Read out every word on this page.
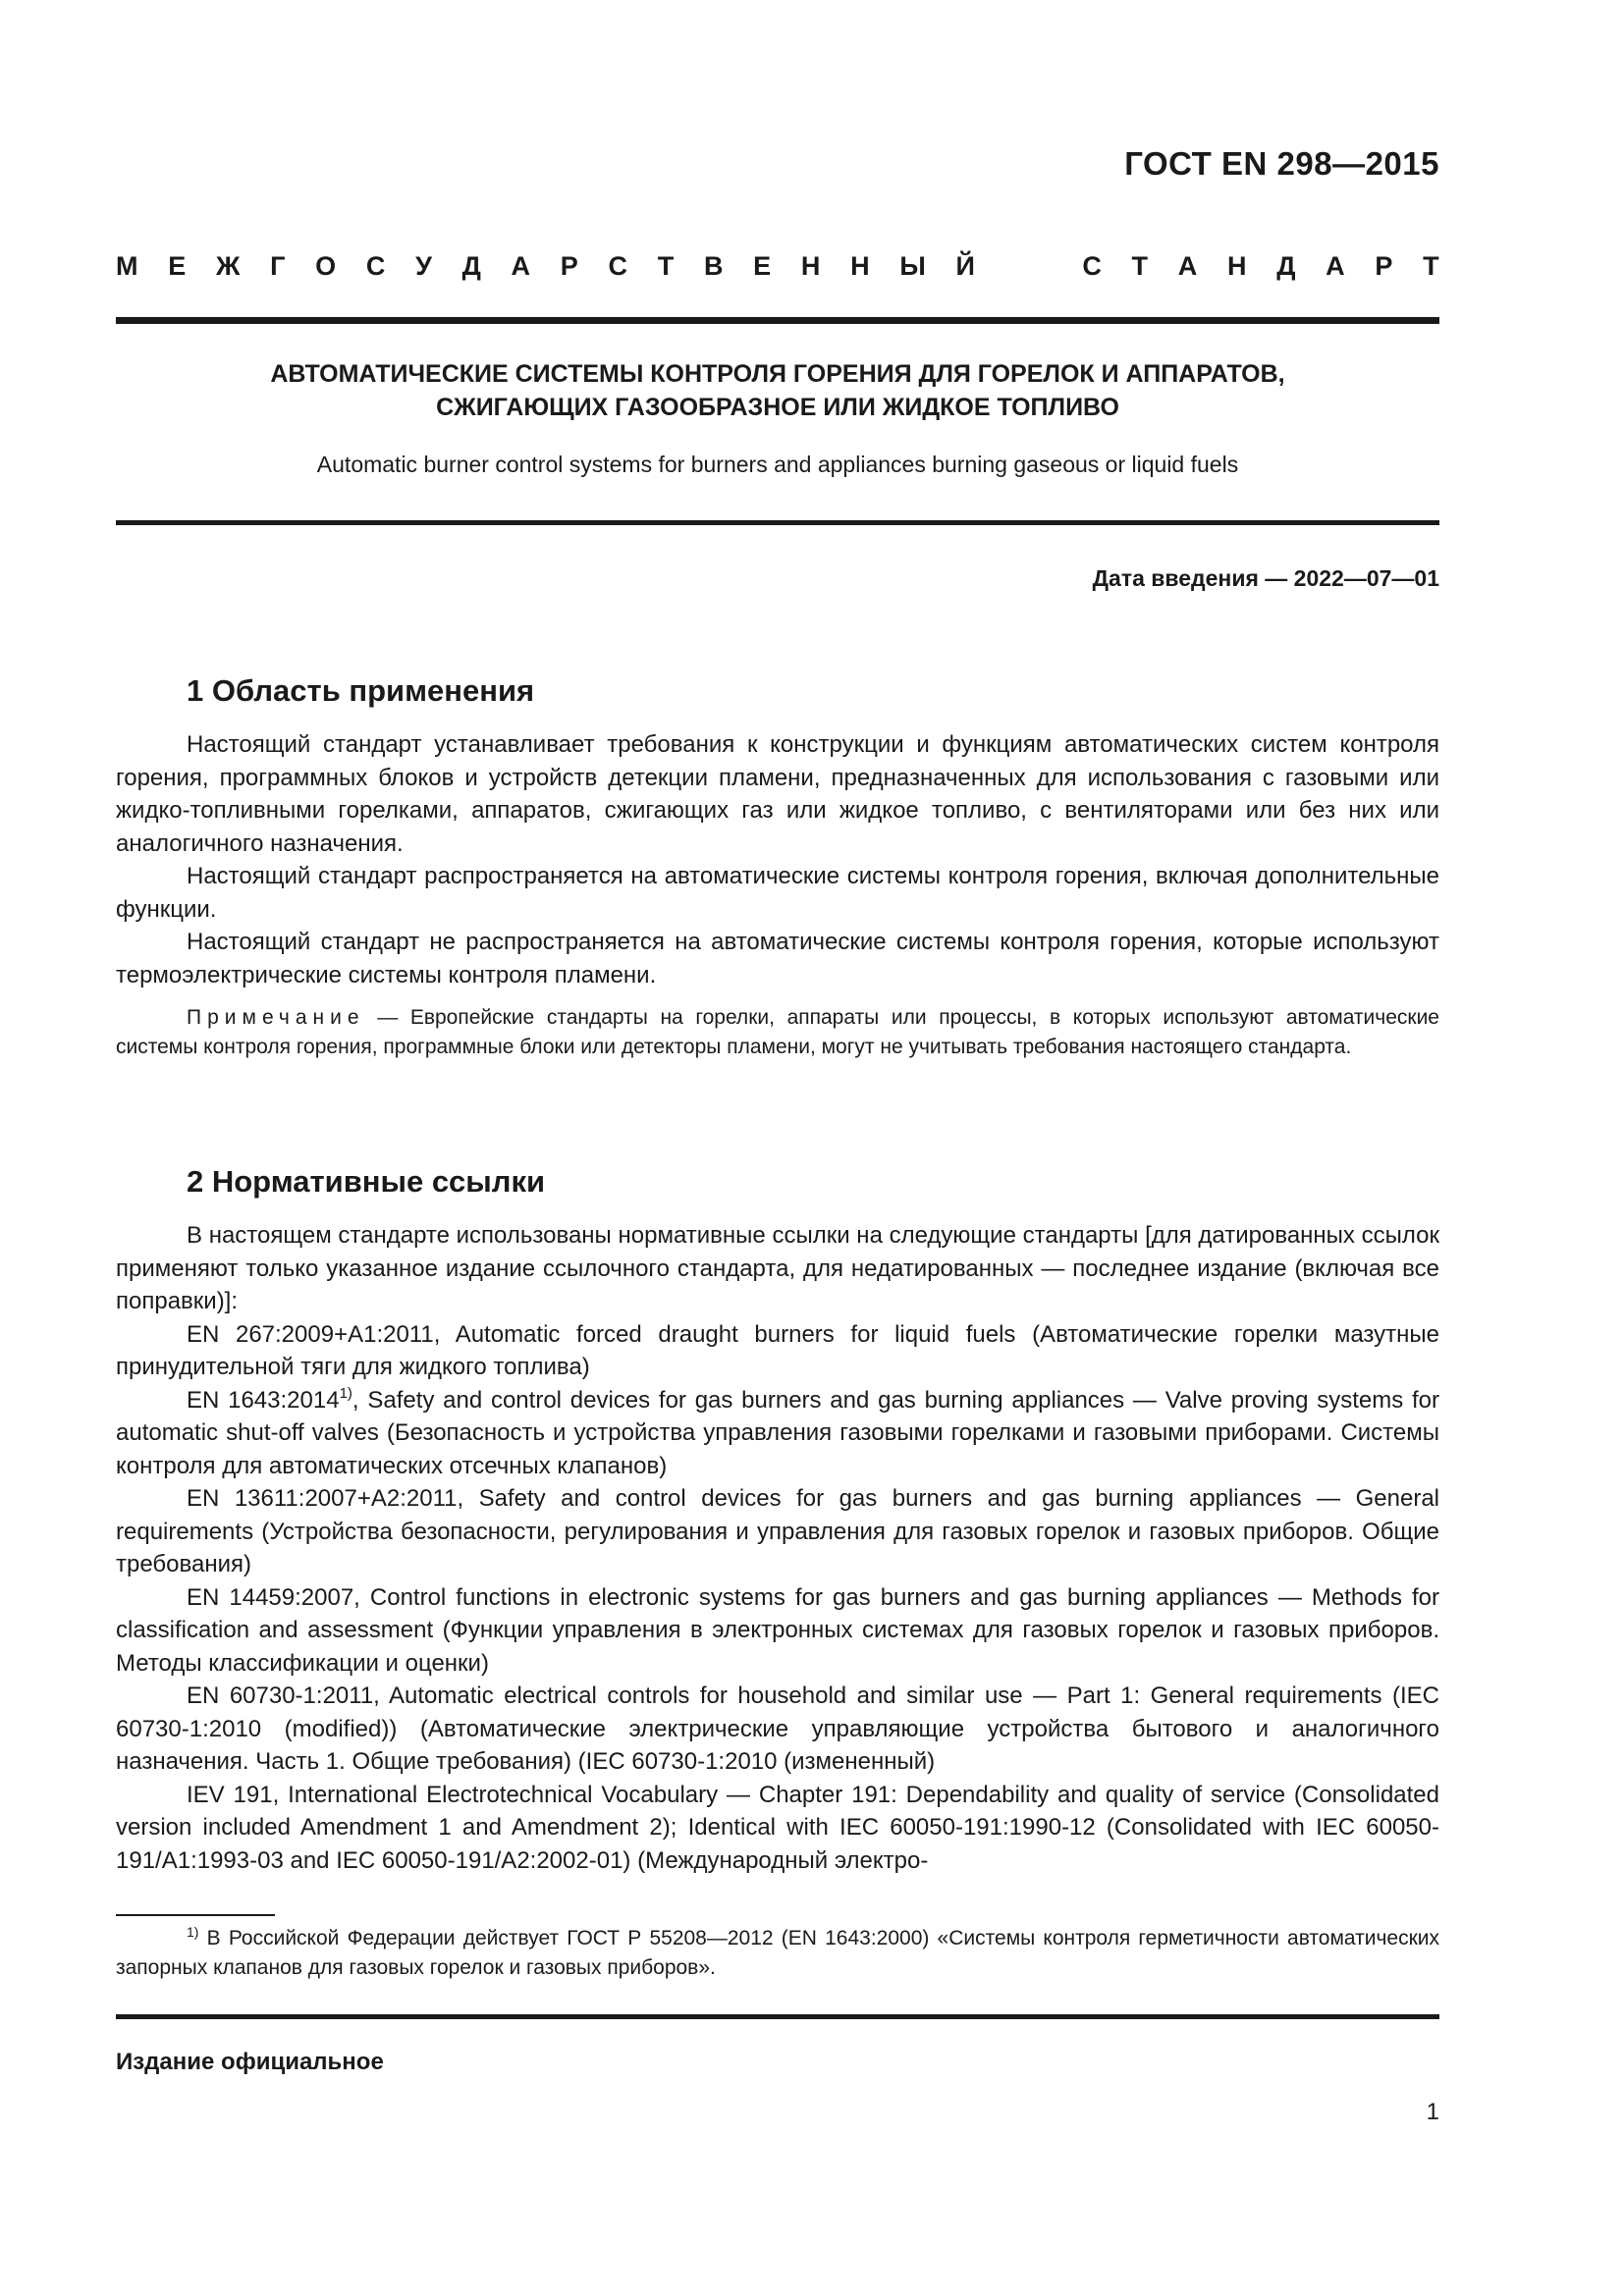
ГОСТ EN 298—2015
М Е Ж Г О С У Д А Р С Т В Е Н Н Ы Й	С Т А Н Д А Р Т
АВТОМАТИЧЕСКИЕ СИСТЕМЫ КОНТРОЛЯ ГОРЕНИЯ ДЛЯ ГОРЕЛОК И АППАРАТОВ,
СЖИГАЮЩИХ ГАЗООБРАЗНОЕ ИЛИ ЖИДКОЕ ТОПЛИВО
Automatic burner control systems for burners and appliances burning gaseous or liquid fuels
Дата введения — 2022—07—01
1 Область применения

Настоящий стандарт устанавливает требования к конструкции и функциям автоматических систем контроля горения, программных блоков и устройств детекции пламени, предназначенных для использования с газовыми или жидко-топливными горелками, аппаратов, сжигающих газ или жидкое топливо, с вентиляторами или без них или аналогичного назначения.

Настоящий стандарт распространяется на автоматические системы контроля горения, включая дополнительные функции.

Настоящий стандарт не распространяется на автоматические системы контроля горения, которые используют термоэлектрические системы контроля пламени.

Примечание — Европейские стандарты на горелки, аппараты или процессы, в которых используют автоматические системы контроля горения, программные блоки или детекторы пламени, могут не учитывать требования настоящего стандарта.

2 Нормативные ссылки

В настоящем стандарте использованы нормативные ссылки на следующие стандарты [для датированных ссылок применяют только указанное издание ссылочного стандарта, для недатированных — последнее издание (включая все поправки)]:

EN 267:2009+A1:2011, Automatic forced draught burners for liquid fuels (Автоматические горелки мазутные принудительной тяги для жидкого топлива)

EN 1643:2014$^{1)}$, Safety and control devices for gas burners and gas burning appliances — Valve proving systems for automatic shut-off valves (Безопасность и устройства управления газовыми горелками и газовыми приборами. Системы контроля для автоматических отсечных клапанов)

EN 13611:2007+A2:2011, Safety and control devices for gas burners and gas burning appliances — General requirements (Устройства безопасности, регулирования и управления для газовых горелок и газовых приборов. Общие требования)

EN 14459:2007, Control functions in electronic systems for gas burners and gas burning appliances — Methods for classification and assessment (Функции управления в электронных системах для газовых горелок и газовых приборов. Методы классификации и оценки)

EN 60730-1:2011, Automatic electrical controls for household and similar use — Part 1: General requirements (IEC 60730-1:2010 (modified)) (Автоматические электрические управляющие устройства бытового и аналогичного назначения. Часть 1. Общие требования) (IEC 60730-1:2010 (измененный)

IEV 191, International Electrotechnical Vocabulary — Chapter 191: Dependability and quality of service (Consolidated version included Amendment 1 and Amendment 2); Identical with IEC 60050-191:1990-12 (Consolidated with IEC 60050-191/A1:1993-03 and IEC 60050-191/A2:2002-01) (Международный электро-

$^{1)}$ В Российской Федерации действует ГОСТ Р 55208—2012 (EN 1643:2000) «Системы контроля герметичности автоматических запорных клапанов для газовых горелок и газовых приборов».
Издание официальное
1
